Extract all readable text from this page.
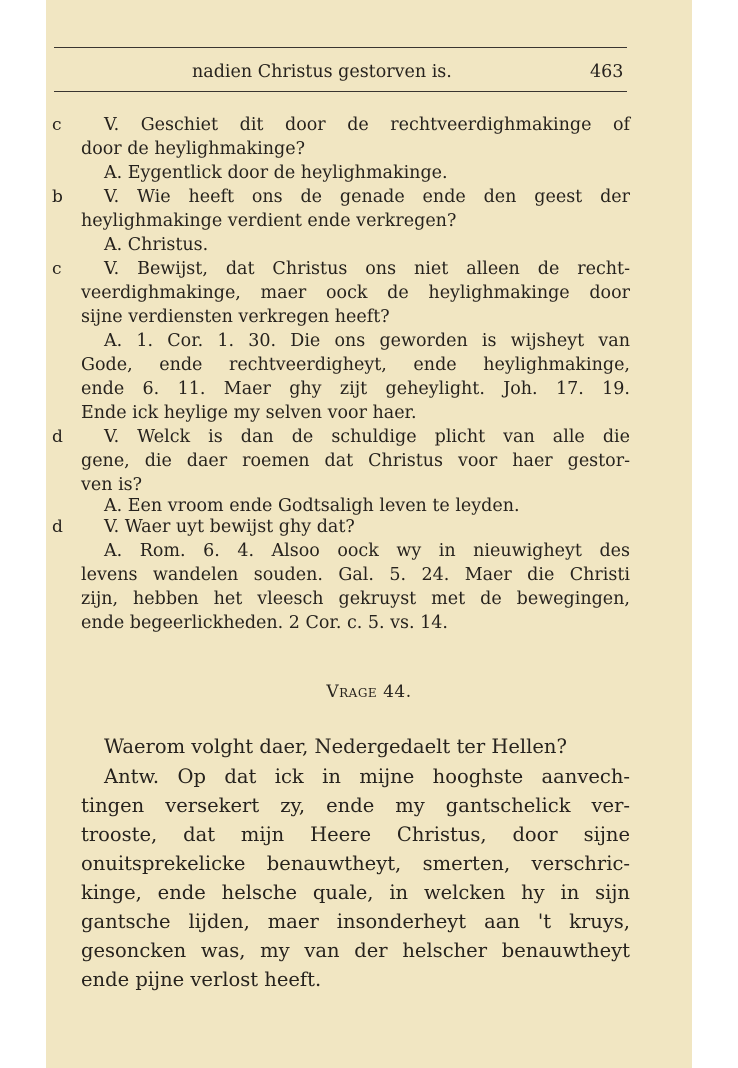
nadien Christus gestorven is.	463
c
b
c
d
d
V. Geschiet dit door de rechtveerdighmakinge of
door de heylighmakinge?
A. Eygentlick door de heylighmakinge.
V. Wie heeft ons de genade ende den geest der
heylighmakinge verdient ende verkregen?
A. Christus.
V. Bewijst, dat Christus ons niet alleen de recht-
veerdighmakinge, maer oock de heylighmakinge door
sijne verdiensten verkregen heeft?
A. 1. Cor. 1. 30. Die ons geworden is wijsheyt van
Gode, ende rechtveerdigheyt, ende heylighmakinge,
ende 6. 11. Maer ghy zijt geheylight. Joh. 17. 19.
Ende ick heylige my selven voor haer.
V. Welck is dan de schuldige plicht van alle die
gene, die daer roemen dat Christus voor haer gestor-
ven is?
A. Een vroom ende Godtsaligh leven te leyden.
V. Waer uyt bewijst ghy dat?
A. Rom. 6. 4. Alsoo oock wy in nieuwigheyt des
levens wandelen souden. Gal. 5. 24. Maer die Christi
zijn, hebben het vleesch gekruyst met de bewegingen,
ende begeerlickheden. 2 Cor. c. 5. vs. 14.
Vrage 44.
Waerom volght daer, Nedergedaelt ter Hellen?
Antw. Op dat ick in mijne hooghste aanvech-
tingen versekert zy, ende my gantschelick ver-
trooste, dat mijn Heere Christus, door sijne
onuitsprekelicke benauwtheyt, smerten, verschric-
kinge, ende helsche quale, in welcken hy in sijn
gantsche lijden, maer insonderheyt aan 't kruys,
gesoncken was, my van der helscher benauwtheyt
ende pijne verlost heeft.
